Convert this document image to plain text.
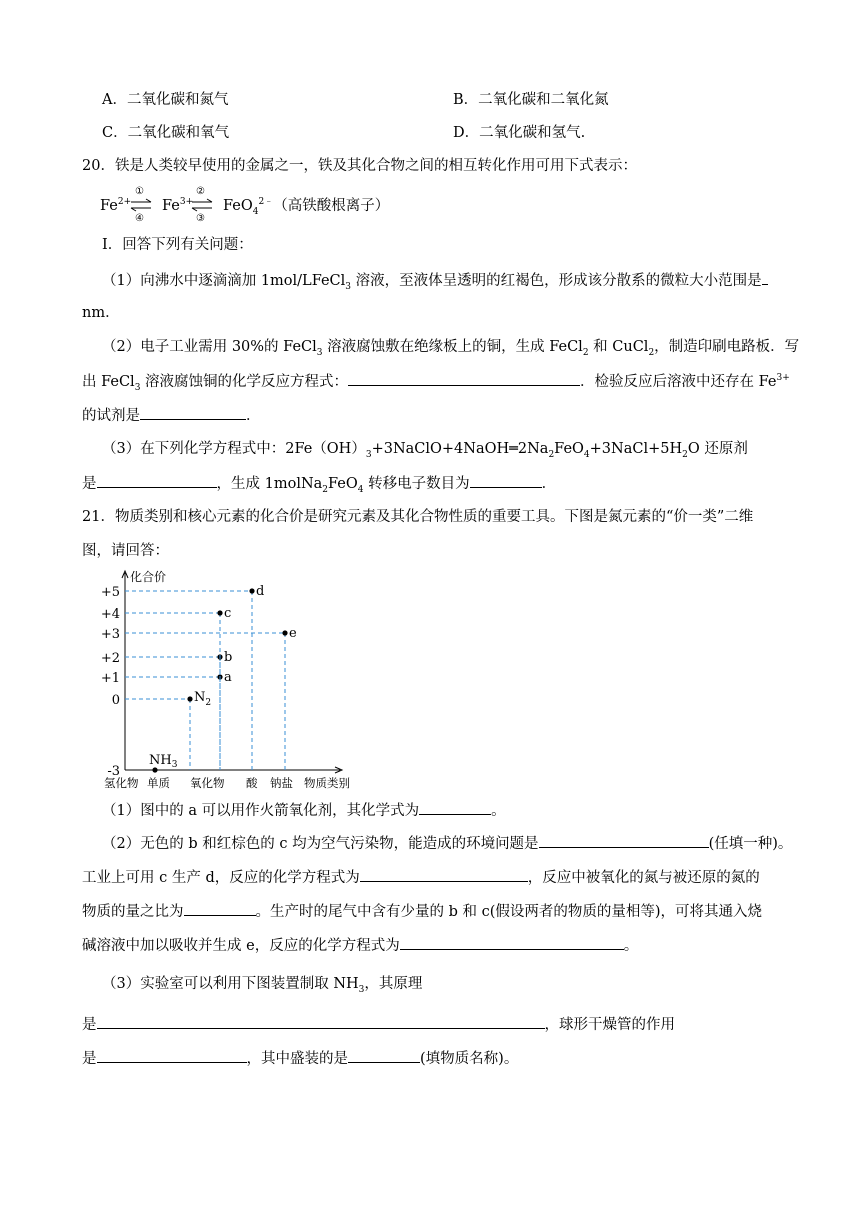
A．二氧化碳和氮气	B．二氧化碳和二氧化氮
C．二氧化碳和氧气	D．二氧化碳和氢气.
20．铁是人类较早使用的金属之一，铁及其化合物之间的相互转化作用可用下式表示：
$Fe^{2+}$
①
④
$Fe^{3+}$
②
③
FeO$_4^{2﹣}$（高铁酸根离子）
I．回答下列有关问题：
（1）向沸水中逐滴滴加 1mol/LFeCl$_3$ 溶液，至液体呈透明的红褐色，形成该分散系的微粒大小范围是
nm．
（2）电子工业需用 30%的 FeCl$_3$ 溶液腐蚀敷在绝缘板上的铜，生成 FeCl$_2$ 和 CuCl$_2$，制造印刷电路板．写
出 FeCl$_3$ 溶液腐蚀铜的化学反应方程式：	．检验反应后溶液中还存在 $Fe^{3+}$
的试剂是	．
（3）在下列化学方程式中：$2Fe(OH)_3+3NaClO+4NaOH═2Na_2FeO_4+3NaCl+5H_2O$ 还原剂
是	，生成 1molNa$_2$FeO$_4$ 转移电子数目为	．
21．物质类别和核心元素的化合价是研究元素及其化合物性质的重要工具。下图是氮元素的“价一类”二维
图，请回答：
化合价
+5
+4
+3
+2
+1
0
-3
氢化物 单质 氧化物 酸 钠盐 物质类别
$NH_3$
$N_2$
a
b
c
d
e
（1）图中的 a 可以用作火箭氧化剂，其化学式为	。
（2）无色的 b 和红棕色的 c 均为空气污染物，能造成的环境问题是	(任填一种)。
工业上可用 c 生产 d，反应的化学方程式为	，反应中被氧化的氮与被还原的氮的
物质的量之比为	。生产时的尾气中含有少量的 b 和 c(假设两者的物质的量相等)，可将其通入烧
碱溶液中加以吸收并生成 e，反应的化学方程式为	。
（3）实验室可以利用下图装置制取 $NH_3$，其原理
是	，球形干燥管的作用
是	，其中盛装的是	(填物质名称)。
